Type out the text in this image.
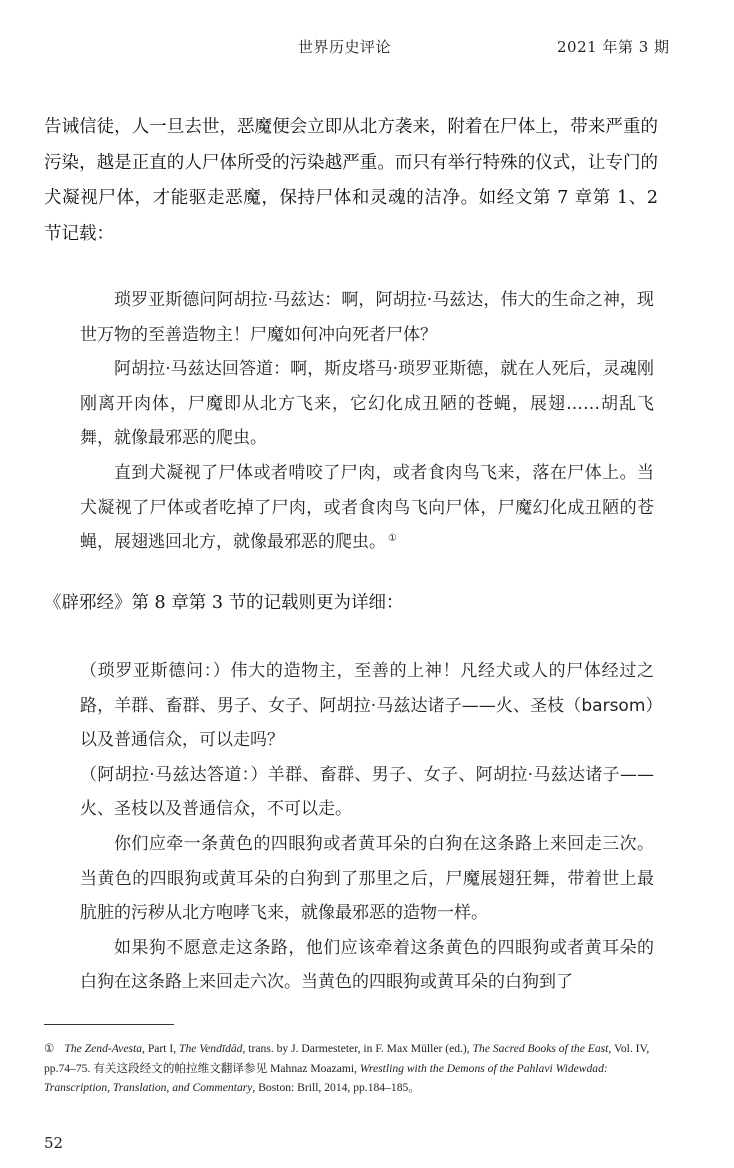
世界历史评论	2021 年第 3 期
告诫信徒，人一旦去世，恶魔便会立即从北方袭来，附着在尸体上，带来严重的污染，越是正直的人尸体所受的污染越严重。而只有举行特殊的仪式，让专门的犬凝视尸体，才能驱走恶魔，保持尸体和灵魂的洁净。如经文第 7 章第 1、2 节记载：

琐罗亚斯德问阿胡拉·马兹达：啊，阿胡拉·马兹达，伟大的生命之神，现世万物的至善造物主！尸魔如何冲向死者尸体？

阿胡拉·马兹达回答道：啊，斯皮塔马·琐罗亚斯德，就在人死后，灵魂刚刚离开肉体，尸魔即从北方飞来，它幻化成丑陋的苍蝇，展翅……胡乱飞舞，就像最邪恶的爬虫。

直到犬凝视了尸体或者啃咬了尸肉，或者食肉鸟飞来，落在尸体上。当犬凝视了尸体或者吃掉了尸肉，或者食肉鸟飞向尸体，尸魔幻化成丑陋的苍蝇，展翅逃回北方，就像最邪恶的爬虫。 ①

《辟邪经》第 8 章第 3 节的记载则更为详细：

（琐罗亚斯德问：）伟大的造物主，至善的上神！凡经犬或人的尸体经过之路，羊群、畜群、男子、女子、阿胡拉·马兹达诸子——火、圣枝（barsom）以及普通信众，可以走吗？

（阿胡拉·马兹达答道：）羊群、畜群、男子、女子、阿胡拉·马兹达诸子——火、圣枝以及普通信众，不可以走。

你们应牵一条黄色的四眼狗或者黄耳朵的白狗在这条路上来回走三次。当黄色的四眼狗或黄耳朵的白狗到了那里之后，尸魔展翅狂舞，带着世上最肮脏的污秽从北方咆哮飞来，就像最邪恶的造物一样。

如果狗不愿意走这条路，他们应该牵着这条黄色的四眼狗或者黄耳朵的白狗在这条路上来回走六次。当黄色的四眼狗或黄耳朵的白狗到了

① The Zend-Avesta, Part I, The Vendīdād, trans. by J. Darmesteter, in F. Max Müller (ed.), The Sacred Books of the East, Vol. IV, pp.74–75. 有关这段经文的帕拉维文翻译参见 Mahnaz Moazami, Wrestling with the Demons of the Pahlavi Widewdad: Transcription, Translation, and Commentary, Boston: Brill, 2014, pp.184–185。
52
